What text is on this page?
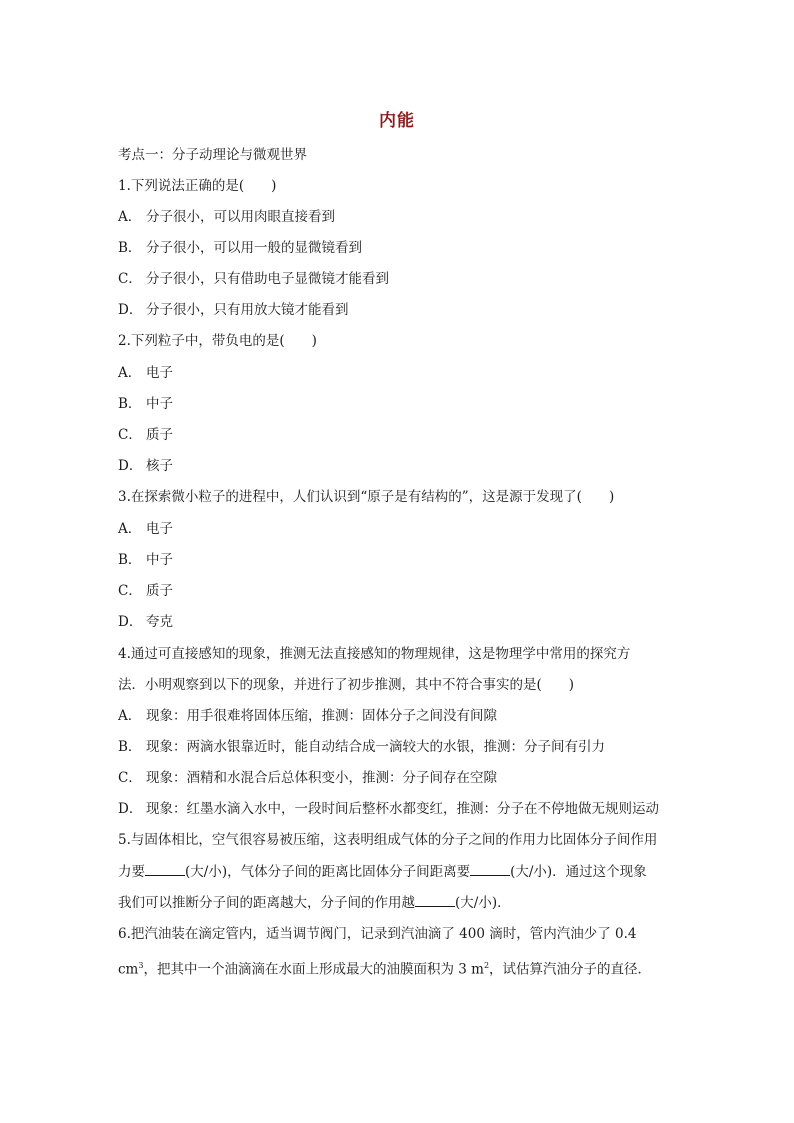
内能
考点一：分子动理论与微观世界
1.下列说法正确的是(　　)
A． 分子很小，可以用肉眼直接看到
B． 分子很小，可以用一般的显微镜看到
C． 分子很小，只有借助电子显微镜才能看到
D． 分子很小，只有用放大镜才能看到
2.下列粒子中，带负电的是(　　)
A． 电子
B． 中子
C． 质子
D． 核子
3.在探索微小粒子的进程中，人们认识到“原子是有结构的”，这是源于发现了(　　)
A． 电子
B． 中子
C． 质子
D． 夸克
4.通过可直接感知的现象，推测无法直接感知的物理规律，这是物理学中常用的探究方
法．小明观察到以下的现象，并进行了初步推测，其中不符合事实的是(　　)
A． 现象：用手很难将固体压缩，推测：固体分子之间没有间隙
B． 现象：两滴水银靠近时，能自动结合成一滴较大的水银，推测：分子间有引力
C． 现象：酒精和水混合后总体积变小，推测：分子间存在空隙
D． 现象：红墨水滴入水中，一段时间后整杯水都变红，推测：分子在不停地做无规则运动
5.与固体相比，空气很容易被压缩，这表明组成气体的分子之间的作用力比固体分子间作用
力要	(大/小)，气体分子间的距离比固体分子间距离要	(大/小)．通过这个现象
我们可以推断分子间的距离越大，分子间的作用越	(大/小)．
6.把汽油装在滴定管内，适当调节阀门，记录到汽油滴了 400 滴时，管内汽油少了 0.4
$cm^3$，把其中一个油滴滴在水面上形成最大的油膜面积为 3 $m^2$，试估算汽油分子的直径．
